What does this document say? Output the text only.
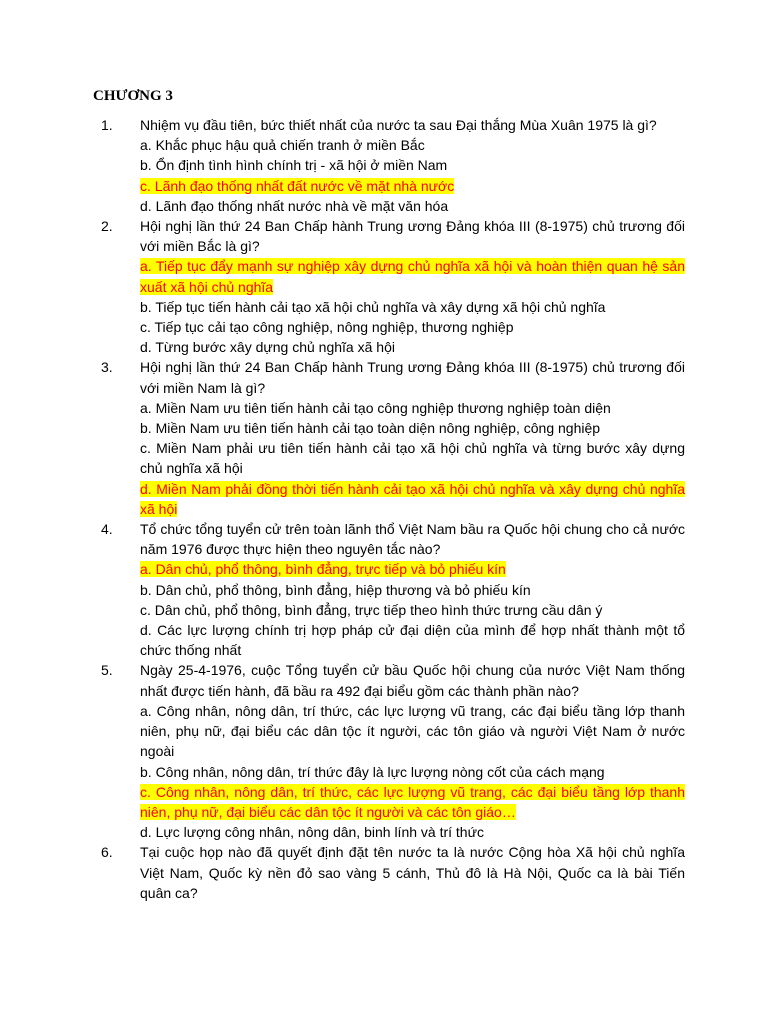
CHƯƠNG 3
1.	Nhiệm vụ đầu tiên, bức thiết nhất của nước ta sau Đại thắng Mùa Xuân 1975 là gì?

a. Khắc phục hậu quả chiến tranh ở miền Bắc

b. Ổn định tình hình chính trị - xã hội ở miền Nam

c. Lãnh đạo thống nhất đất nước về mặt nhà nước

d. Lãnh đạo thống nhất nước nhà về mặt văn hóa

2.	Hội nghị lần thứ 24 Ban Chấp hành Trung ương Đảng khóa III (8-1975) chủ trương đối với miền Bắc là gì?

a. Tiếp tục đẩy mạnh sự nghiệp xây dựng chủ nghĩa xã hội và hoàn thiện quan hệ sản xuất xã hội chủ nghĩa

b. Tiếp tục tiến hành cải tạo xã hội chủ nghĩa và xây dựng xã hội chủ nghĩa

c. Tiếp tục cải tạo công nghiệp, nông nghiệp, thương nghiệp

d. Từng bước xây dựng chủ nghĩa xã hội

3.	Hội nghị lần thứ 24 Ban Chấp hành Trung ương Đảng khóa III (8-1975) chủ trương đối với miền Nam là gì?

a. Miền Nam ưu tiên tiến hành cải tạo công nghiệp thương nghiệp toàn diện

b. Miền Nam ưu tiên tiến hành cải tạo toàn diện nông nghiệp, công nghiệp

c. Miền Nam phải ưu tiên tiến hành cải tạo xã hội chủ nghĩa và từng bước xây dựng chủ nghĩa xã hội

d. Miền Nam phải đồng thời tiến hành cải tạo xã hội chủ nghĩa và xây dựng chủ nghĩa xã hội

4.	Tổ chức tổng tuyển cử trên toàn lãnh thổ Việt Nam bầu ra Quốc hội chung cho cả nước năm 1976 được thực hiện theo nguyên tắc nào?

a. Dân chủ, phổ thông, bình đẳng, trực tiếp và bỏ phiếu kín

b. Dân chủ, phổ thông, bình đẳng, hiệp thương và bỏ phiếu kín

c. Dân chủ, phổ thông, bình đẳng, trực tiếp theo hình thức trưng cầu dân ý

d. Các lực lượng chính trị hợp pháp cử đại diện của mình để hợp nhất thành một tổ chức thống nhất

5.	Ngày 25-4-1976, cuộc Tổng tuyển cử bầu Quốc hội chung của nước Việt Nam thống nhất được tiến hành, đã bầu ra 492 đại biểu gồm các thành phần nào?

a. Công nhân, nông dân, trí thức, các lực lượng vũ trang, các đại biểu tầng lớp thanh niên, phụ nữ, đại biểu các dân tộc ít người, các tôn giáo và người Việt Nam ở nước ngoài

b. Công nhân, nông dân, trí thức đây là lực lượng nòng cốt của cách mạng

c. Công nhân, nông dân, trí thức, các lực lượng vũ trang, các đại biểu tầng lớp thanh niên, phụ nữ, đại biểu các dân tộc ít người và các tôn giáo…

d. Lực lượng công nhân, nông dân, binh lính và trí thức

6.	Tại cuộc họp nào đã quyết định đặt tên nước ta là nước Cộng hòa Xã hội chủ nghĩa Việt Nam, Quốc kỳ nền đỏ sao vàng 5 cánh, Thủ đô là Hà Nội, Quốc ca là bài Tiến quân ca?
